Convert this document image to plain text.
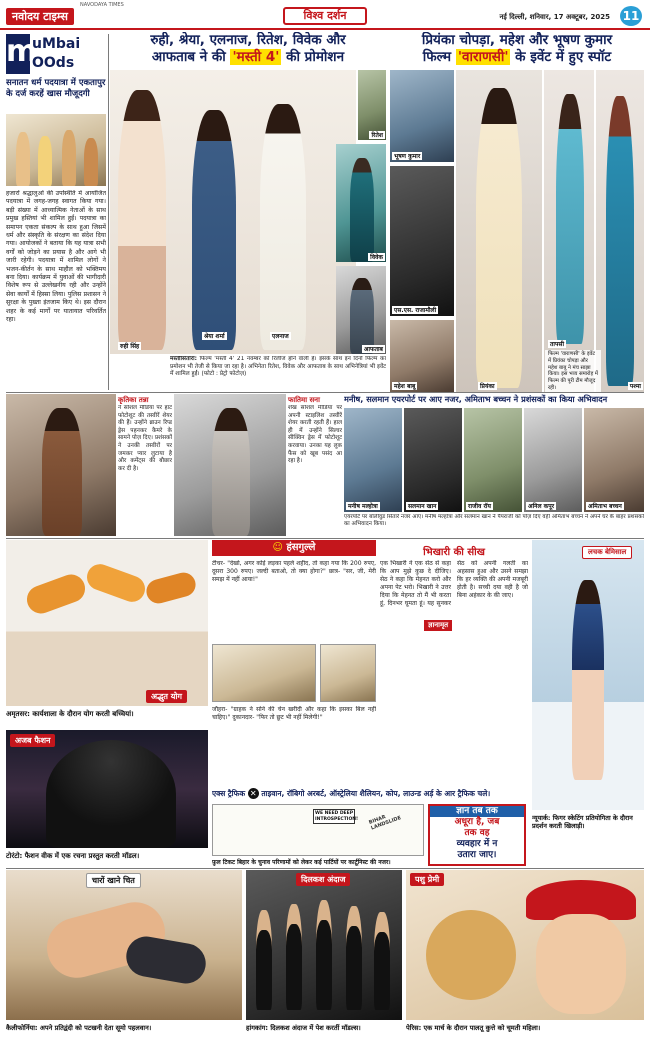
नवोदय टाइम्स
NAVODAYA TIMES
विश्व दर्शन	नई दिल्ली, शनिवार, 17 अक्टूबर, 2025 11
m
uMbai
OOds
सनातन धर्म पदयात्रा में एकतापुर के दर्ज करहें खास मौजूदगी
हजारों श्रद्धालुओं की उपस्थिति में आयोजित पदयात्रा में जगह-जगह स्वागत किया गया। बड़ी संख्या में आध्यात्मिक नेताओं के साथ प्रमुख हस्तियां भी शामिल हुईं। पदयात्रा का समापन एकता संकल्प के साथ हुआ जिसमें धर्म और संस्कृति के संरक्षण का संदेश दिया गया। आयोजकों ने बताया कि यह यात्रा सभी वर्गों को जोड़ने का प्रयास है और आगे भी जारी रहेगी। पदयात्रा में शामिल लोगों ने भजन-कीर्तन के साथ माहौल को भक्तिमय बना दिया। कार्यक्रम में युवाओं की भागीदारी विशेष रूप से उल्लेखनीय रही और उन्होंने सेवा कार्यों में हिस्सा लिया। पुलिस प्रशासन ने सुरक्षा के पुख्ता इंतजाम किए थे। इस दौरान शहर के कई मार्गों पर यातायात परिवर्तित रहा।
रुही, श्रेया, एलनाज, रितेश, विवेक और
आफताब ने की 'मस्ती 4' की प्रोमोशन
श्रेया शर्मा	एलनाज
रुही सिंह
रितेश
विवेक
आफताब
मस्तीसितारा: फिल्म 'मस्ती 4' 21 नवम्बर को रिलीज होने वाली है। इसके साथ इन दिनों फिल्म का प्रमोशन भी तेजी से किया जा रहा है। अभिनेता रितेश, विवेक और आफताब के साथ अभिनेत्रियां भी इवेंट में शामिल हुईं। (फोटो : प्रेट्रो फोटोज़)
प्रियंका चोपड़ा, महेश और भूषण कुमार
फिल्म 'वाराणसी' के इवेंट में हुए स्पॉट
भूषण कुमार
एस.एस. राजामौली
महेश बाबू	प्रियंका
तापसी
पश्मा
फिल्म 'वाराणसी' के इवेंट में प्रियंका चोपड़ा और महेश बाबू ने मंच साझा किया। इस भव्य समारोह में फिल्म की पूरी टीम मौजूद रही।
कृतिका तन्ना
ने सोशल मीडिया पर हॉट फोटोशूट की तस्वीरें शेयर की हैं। उन्होंने ब्राउन रिप्ड ड्रेस पहनकर कैमरे के सामने पोज़ दिए। प्रशंसकों ने उनकी तस्वीरों पर जमकर प्यार लुटाया है और कमेंट्स की बौछार कर दी है।
फातिमा सना
शेख सोशल मीडिया पर अपनी स्टाइलिश तस्वीरें शेयर करती रहती हैं। हाल ही में उन्होंने सिल्वर सीक्विन ड्रेस में फोटोशूट करवाया। उनका यह लुक फैंस को खूब पसंद आ रहा है।
मनीष, सलमान एयरपोर्ट पर आए नजर, अमिताभ बच्चन ने प्रशंसकों का किया अभिवादन
मनीष मल्होत्रा	सलमान खान	राजीव रॉय	अनिल कपूर	अमिताभ बच्चन
एयरपोर्ट पर बॉलीवुड सितारे नजर आए। मनीष मल्होत्रा और सलमान खान ने पैपराजी को पोज़ दिए वहीं अमिताभ बच्चन ने अपने घर के बाहर प्रशंसकों का अभिवादन किया।
अद्भुत योग
अमृतसर: कार्यशाला के दौरान योग करती बच्चियां।
☺ हंसगुल्ले
टीचर- "देखो, अगर कोई लड़का पहले शहीद, तो कहा गया कि 200 रुपए, दूसरा 300 रुपए। जल्दी बताओ, तो क्या होगा?" छात्र- "सर, जी, मेरी समझ में नहीं आया!"
जौहरा- "ग्राहक ने सोने की चेन खरीदी और कहा कि इसका बिल नहीं चाहिए।" दुकानदार- "फिर तो छूट भी नहीं मिलेगी!"
भिखारी की सीख
ज्ञानामृत
एक भिखारी ने एक सेठ से कहा कि आप मुझे कुछ दे दीजिए। सेठ ने कहा कि मेहनत करो और अपना पेट भरो। भिखारी ने उत्तर दिया कि मेहनत तो मैं भी करता हूं, दिनभर घूमता हूं। यह सुनकर सेठ को अपनी गलती का अहसास हुआ और उसने समझा कि हर व्यक्ति की अपनी मजबूरी होती है। सच्ची दया वही है जो बिना अहंकार के की जाए।
लचक बेमिसाल
न्यूयार्क: फिगर स्केटिंग प्रतियोगिता के दौरान प्रदर्शन करती खिलाड़ी।
अजब फैशन
टोरंटो: फैशन वीक में एक रचना प्रस्तुत करती मॉडल।
एक्स ट्रैफिक ✕ ताइवान, रॉबिगो अरबर्ट, ऑस्ट्रेलिया शैलियन, कोप, लाउन्ड अर्ड़ के आर ट्रैफिक चले।
WE NEED DEEP INTROSPECTION! BIHAR LANDSLIDE
फ़ुल टिकट बिहार के चुनाव परिणामों को लेकर कई पार्टियों पर कार्टूनिस्ट की नजर।
ज्ञान तब तक
अधूरा है, जब
तक वह
व्यवहार में न
उतारा जाए।
चारों खाने चित
कैलीफोर्निया: अपने प्रतिद्वंदी को पटखनी देता सूमो पहलवान।
दिलकश अंदाज
हांगकांग: दिलकश अंदाज में पेश करतीं मॉडल्स।
पशु प्रेमी
पेरिस: एक मार्च के दौरान पालतू कुत्ते को चूमती महिला।
